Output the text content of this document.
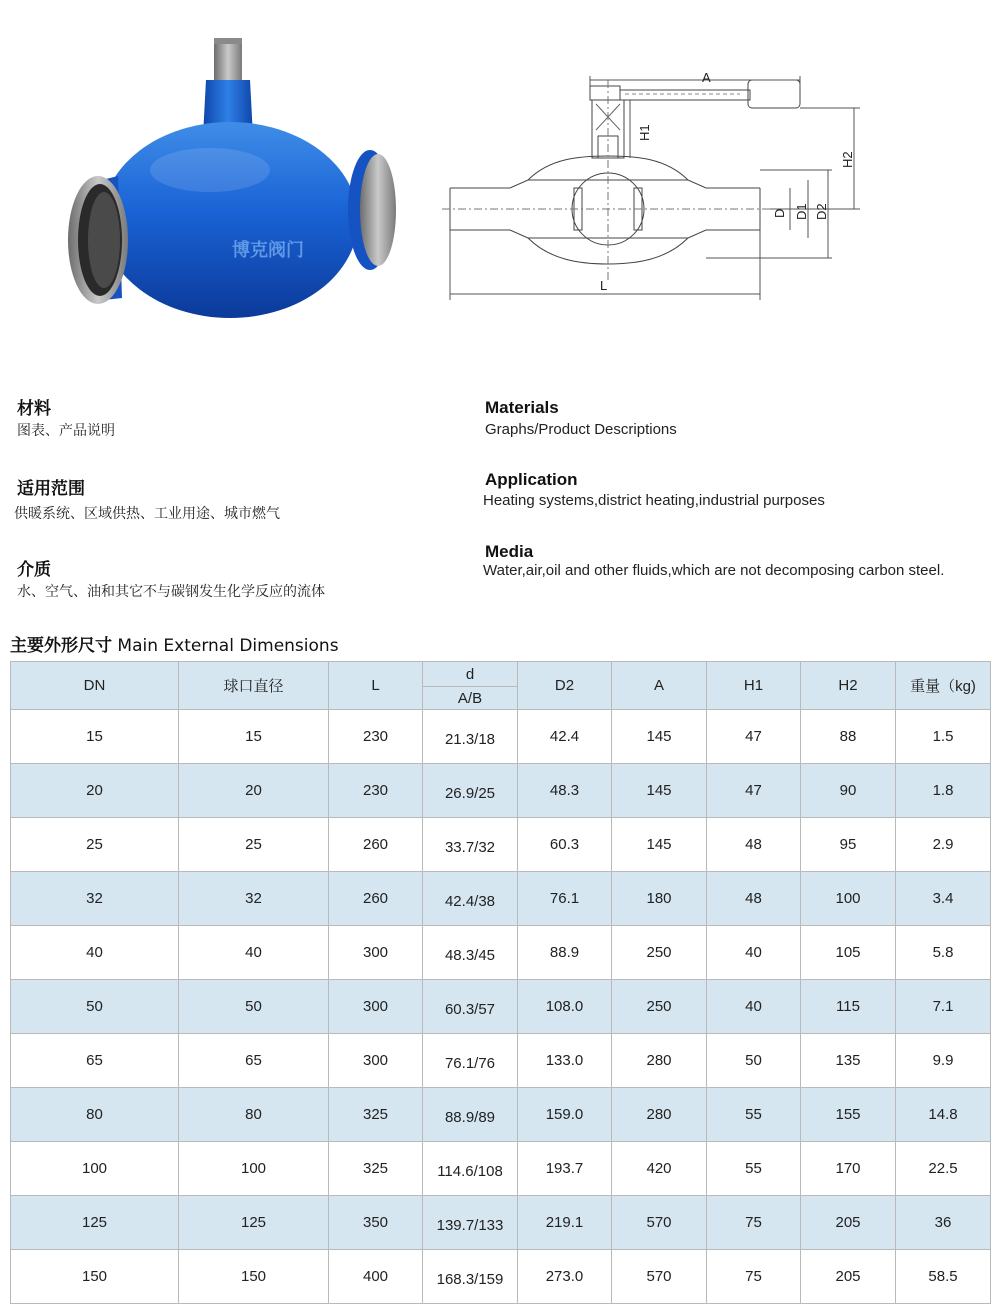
博克阀门
A
H1
H2
D D1 D2
L
材料
图表、产品说明
适用范围
供暖系统、区域供热、工业用途、城市燃气
介质
水、空气、油和其它不与碳钢发生化学反应的流体
Materials
Graphs/Product Descriptions
Application
Heating systems,district heating,industrial purposes
Media
Water,air,oil and other fluids,which are not decomposing carbon steel.
主要外形尺寸 Main External Dimensions
DN	球口直径	L	d	D2	A	H1	H2	重量（kg)
			A/B					
15	15	230	21.3/18	42.4	145	47	88	1.5
20	20	230	26.9/25	48.3	145	47	90	1.8
25	25	260	33.7/32	60.3	145	48	95	2.9
32	32	260	42.4/38	76.1	180	48	100	3.4
40	40	300	48.3/45	88.9	250	40	105	5.8
50	50	300	60.3/57	108.0	250	40	115	7.1
65	65	300	76.1/76	133.0	280	50	135	9.9
80	80	325	88.9/89	159.0	280	55	155	14.8
100	100	325	114.6/108	193.7	420	55	170	22.5
125	125	350	139.7/133	219.1	570	75	205	36
150	150	400	168.3/159	273.0	570	75	205	58.5
